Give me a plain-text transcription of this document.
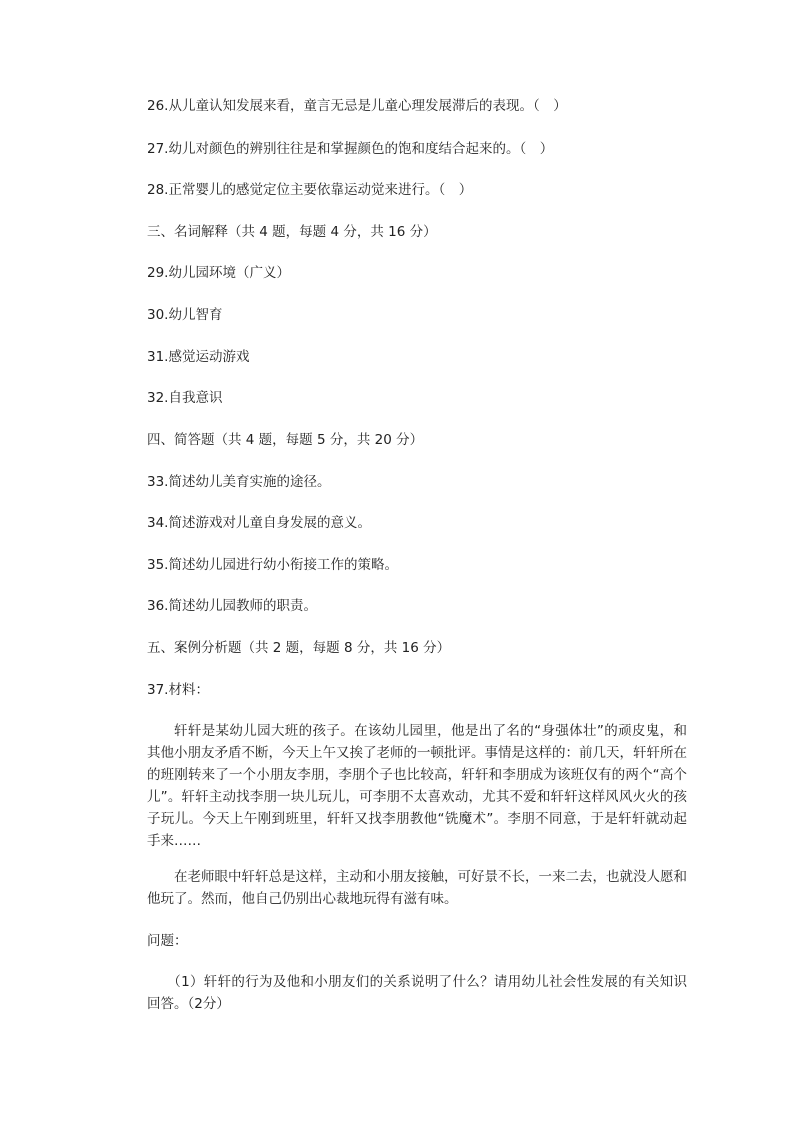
26.从儿童认知发展来看，童言无忌是儿童心理发展滞后的表现。（　）
27.幼儿对颜色的辨别往往是和掌握颜色的饱和度结合起来的。（　）
28.正常婴儿的感觉定位主要依靠运动觉来进行。（　）
三、名词解释（共 4 题，每题 4 分，共 16 分）
29.幼儿园环境（广义）
30.幼儿智育
31.感觉运动游戏
32.自我意识
四、简答题（共 4 题，每题 5 分，共 20 分）
33.简述幼儿美育实施的途径。
34.简述游戏对儿童自身发展的意义。
35.简述幼儿园进行幼小衔接工作的策略。
36.简述幼儿园教师的职责。
五、案例分析题（共 2 题，每题 8 分，共 16 分）
37.材料：
轩轩是某幼儿园大班的孩子。在该幼儿园里，他是出了名的“身强体壮”的顽皮鬼，和其他小朋友矛盾不断，今天上午又挨了老师的一顿批评。事情是这样的：前几天，轩轩所在的班刚转来了一个小朋友李朋，李朋个子也比较高，轩轩和李朋成为该班仅有的两个“高个儿”。轩轩主动找李朋一块儿玩儿，可李朋不太喜欢动，尤其不爱和轩轩这样风风火火的孩子玩儿。今天上午刚到班里，轩轩又找李朋教他“铣魔术”。李朋不同意，于是轩轩就动起手来……
在老师眼中轩轩总是这样，主动和小朋友接触，可好景不长，一来二去，也就没人愿和他玩了。然而，他自己仍别出心裁地玩得有滋有味。
问题：
（1）轩轩的行为及他和小朋友们的关系说明了什么？请用幼儿社会性发展的有关知识回答。（2分）
